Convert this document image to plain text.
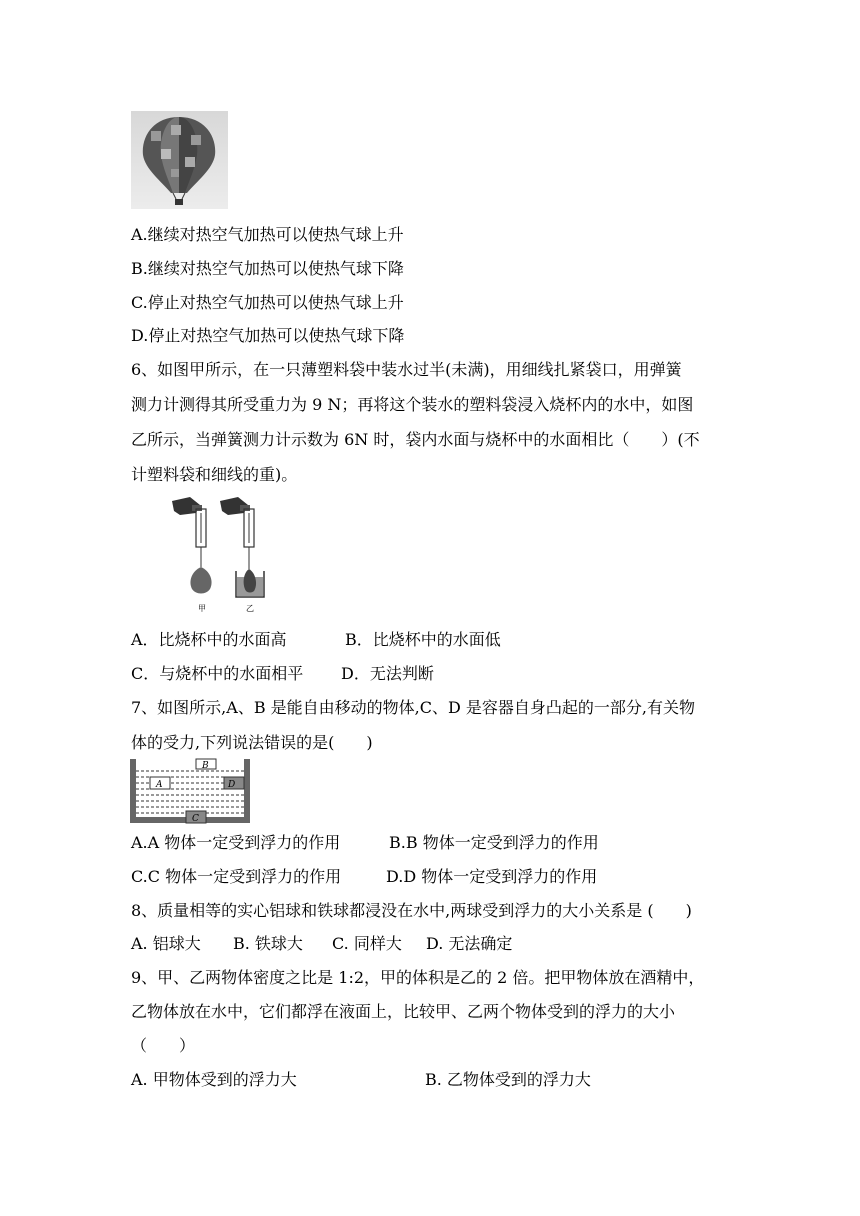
A.继续对热空气加热可以使热气球上升
B.继续对热空气加热可以使热气球下降
C.停止对热空气加热可以使热气球上升
D.停止对热空气加热可以使热气球下降
6、如图甲所示，在一只薄塑料袋中装水过半(未满)，用细线扎紧袋口，用弹簧
测力计测得其所受重力为 9 N；再将这个装水的塑料袋浸入烧杯内的水中，如图
乙所示，当弹簧测力计示数为 6N 时，袋内水面与烧杯中的水面相比（　　）(不
计塑料袋和细线的重)。
甲	乙
A．比烧杯中的水面高	B．比烧杯中的水面低
C．与烧杯中的水面相平 D．无法判断
7、如图所示,A、B 是能自由移动的物体,C、D 是容器自身凸起的一部分,有关物
体的受力,下列说法错误的是(　　)
B
A	D
C
A.A 物体一定受到浮力的作用	B.B 物体一定受到浮力的作用
C.C 物体一定受到浮力的作用	D.D 物体一定受到浮力的作用
8、质量相等的实心铝球和铁球都浸没在水中,两球受到浮力的大小关系是 (　　)
A. 铝球大 B. 铁球大 C. 同样大 D. 无法确定
9、甲、乙两物体密度之比是 1:2，甲的体积是乙的 2 倍。把甲物体放在酒精中，
乙物体放在水中，它们都浮在液面上，比较甲、乙两个物体受到的浮力的大小
（　　）
A. 甲物体受到的浮力大	B. 乙物体受到的浮力大
